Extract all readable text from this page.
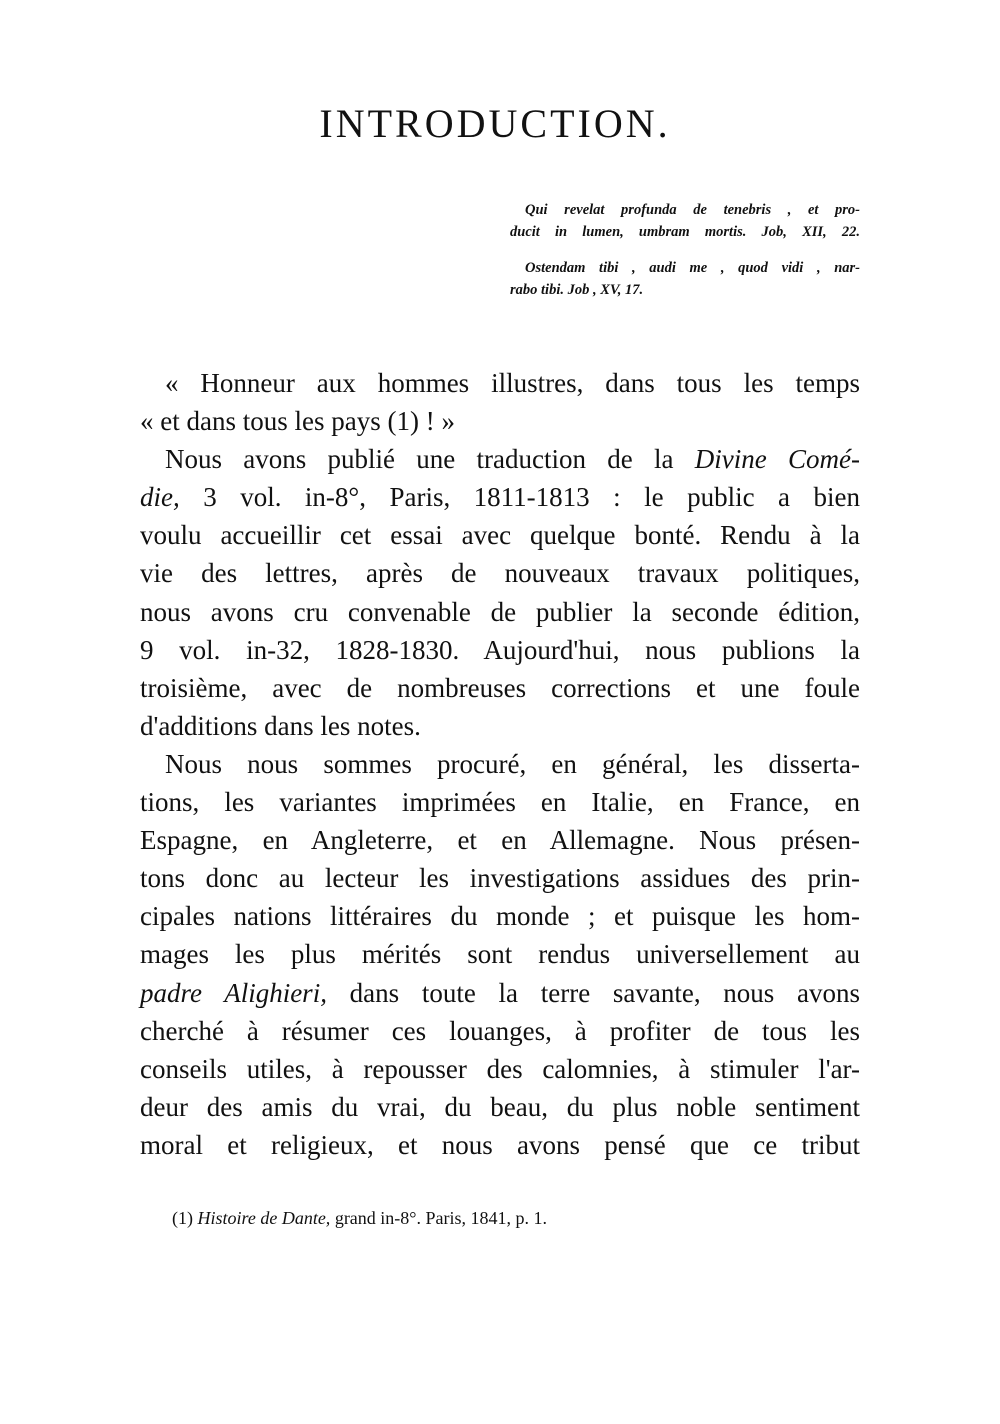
INTRODUCTION.
Qui revelat profunda de tenebris , et pro-
ducit in lumen, umbram mortis. Job, XII, 22.
Ostendam tibi , audi me , quod vidi , nar-
rabo tibi. Job , XV, 17.
« Honneur aux hommes illustres, dans tous les temps
« et dans tous les pays (1) ! »
Nous avons publié une traduction de la Divine Comé-
die, 3 vol. in-8°, Paris, 1811-1813 : le public a bien
voulu accueillir cet essai avec quelque bonté. Rendu à la
vie des lettres, après de nouveaux travaux politiques,
nous avons cru convenable de publier la seconde édition,
9 vol. in-32, 1828-1830. Aujourd'hui, nous publions la
troisième, avec de nombreuses corrections et une foule
d'additions dans les notes.
Nous nous sommes procuré, en général, les disserta-
tions, les variantes imprimées en Italie, en France, en
Espagne, en Angleterre, et en Allemagne. Nous présen-
tons donc au lecteur les investigations assidues des prin-
cipales nations littéraires du monde ; et puisque les hom-
mages les plus mérités sont rendus universellement au
padre Alighieri, dans toute la terre savante, nous avons
cherché à résumer ces louanges, à profiter de tous les
conseils utiles, à repousser des calomnies, à stimuler l'ar-
deur des amis du vrai, du beau, du plus noble sentiment
moral et religieux, et nous avons pensé que ce tribut
(1) Histoire de Dante, grand in-8°. Paris, 1841, p. 1.
